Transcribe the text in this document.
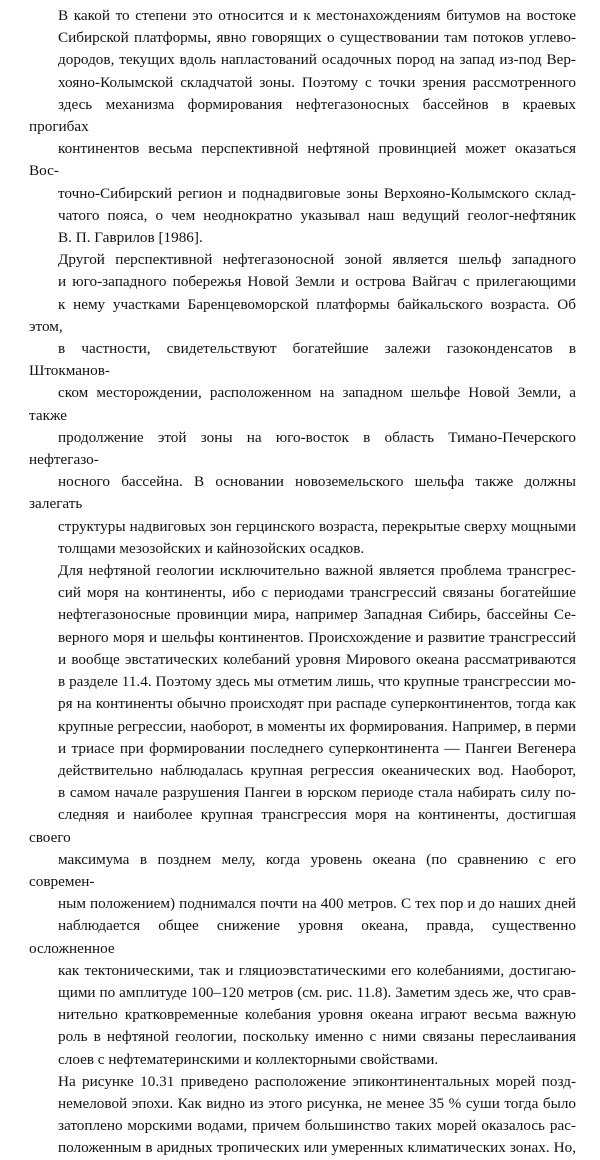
В какой то степени это относится и к местонахождениям битумов на востоке
Сибирской платформы, явно говорящих о существовании там потоков углево-
дородов, текущих вдоль напластований осадочных пород на запад из-под Вер-
хояно-Колымской складчатой зоны. Поэтому с точки зрения рассмотренного
здесь механизма формирования нефтегазоносных бассейнов в краевых прогибах
континентов весьма перспективной нефтяной провинцией может оказаться Вос-
точно-Сибирский регион и поднадвиговые зоны Верхояно-Колымского склад-
чатого пояса, о чем неоднократно указывал наш ведущий геолог-нефтяник
В. П. Гаврилов [1986].

Другой перспективной нефтегазоносной зоной является шельф западного
и юго-западного побережья Новой Земли и острова Вайгач с прилегающими
к нему участками Баренцевоморской платформы байкальского возраста. Об этом,
в частности, свидетельствуют богатейшие залежи газоконденсатов в Штокманов-
ском месторождении, расположенном на западном шельфе Новой Земли, а также
продолжение этой зоны на юго-восток в область Тимано-Печерского нефтегазо-
носного бассейна. В основании новоземельского шельфа также должны залегать
структуры надвиговых зон герцинского возраста, перекрытые сверху мощными
толщами мезозойских и кайнозойских осадков.

Для нефтяной геологии исключительно важной является проблема трансгрес-
сий моря на континенты, ибо с периодами трансгрессий связаны богатейшие
нефтегазоносные провинции мира, например Западная Сибирь, бассейны Се-
верного моря и шельфы континентов. Происхождение и развитие трансгрессий
и вообще эвстатических колебаний уровня Мирового океана рассматриваются
в разделе 11.4. Поэтому здесь мы отметим лишь, что крупные трансгрессии мо-
ря на континенты обычно происходят при распаде суперконтинентов, тогда как
крупные регрессии, наоборот, в моменты их формирования. Например, в перми
и триасе при формировании последнего суперконтинента — Пангеи Вегенера
действительно наблюдалась крупная регрессия океанических вод. Наоборот,
в самом начале разрушения Пангеи в юрском периоде стала набирать силу по-
следняя и наиболее крупная трансгрессия моря на континенты, достигшая своего
максимума в позднем мелу, когда уровень океана (по сравнению с его современ-
ным положением) поднимался почти на 400 метров. С тех пор и до наших дней
наблюдается общее снижение уровня океана, правда, существенно осложненное
как тектоническими, так и гляциоэвстатическими его колебаниями, достигаю-
щими по амплитуде 100–120 метров (см. рис. 11.8). Заметим здесь же, что срав-
нительно кратковременные колебания уровня океана играют весьма важную
роль в нефтяной геологии, поскольку именно с ними связаны переслаивания
слоев с нефтематеринскими и коллекторными свойствами.

На рисунке 10.31 приведено расположение эпиконтинентальных морей позд-
немеловой эпохи. Как видно из этого рисунка, не менее 35 % суши тогда было
затоплено морскими водами, причем большинство таких морей оказалось рас-
положенным в аридных тропических или умеренных климатических зонах. Но,
